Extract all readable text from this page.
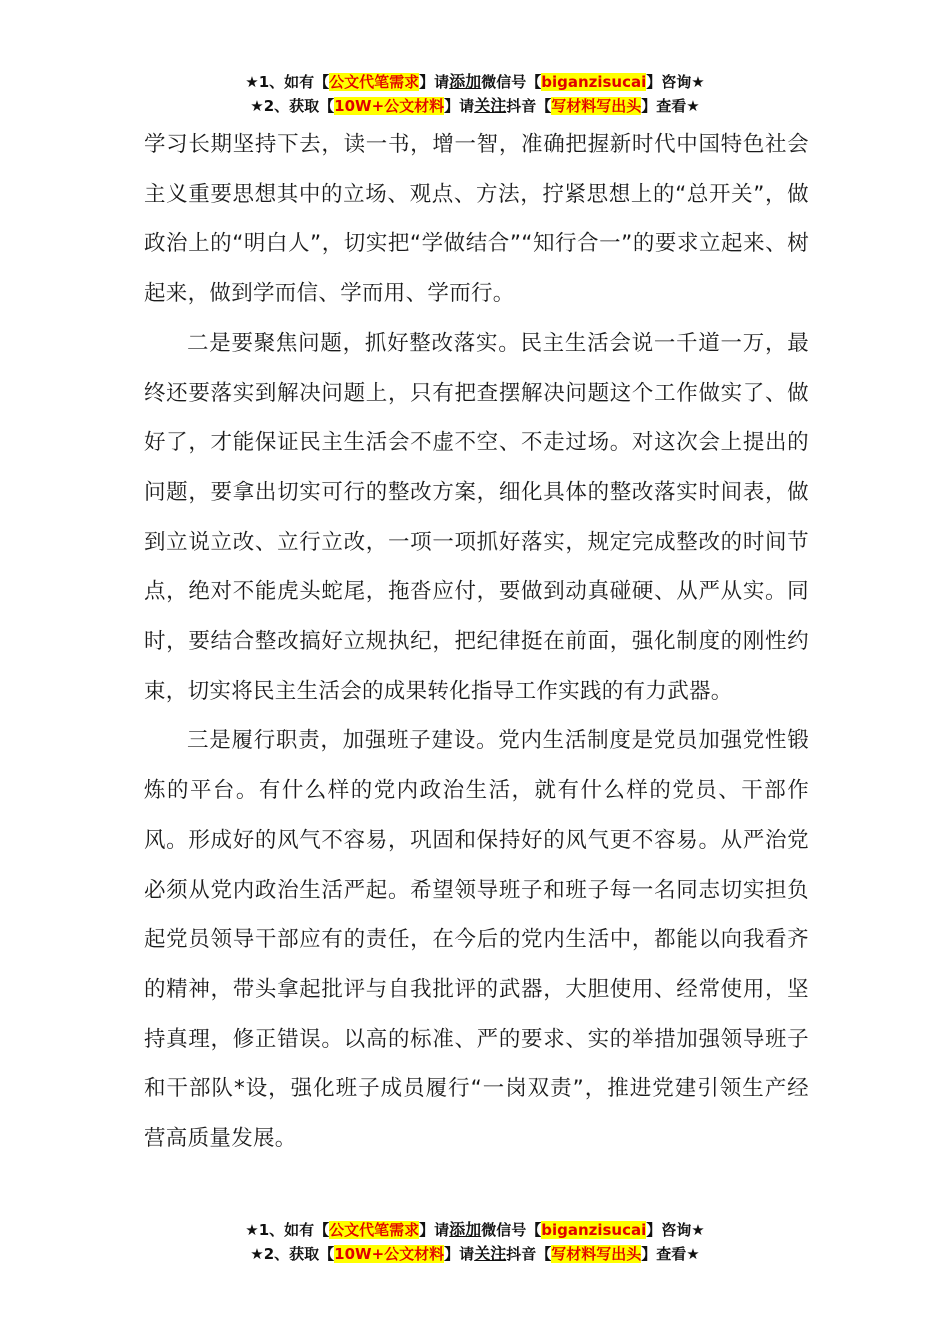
★1、如有【公文代笔需求】请添加微信号【biganzisucai】咨询★
★2、获取【10W+公文材料】请关注抖音【写材料写出头】查看★

学习长期坚持下去，读一书，增一智，准确把握新时代中国特色社会主义重要思想其中的立场、观点、方法，拧紧思想上的“总开关”，做政治上的“明白人”，切实把“学做结合”“知行合一”的要求立起来、树起来，做到学而信、学而用、学而行。

二是要聚焦问题，抓好整改落实。民主生活会说一千道一万，最终还要落实到解决问题上，只有把查摆解决问题这个工作做实了、做好了，才能保证民主生活会不虚不空、不走过场。对这次会上提出的问题，要拿出切实可行的整改方案，细化具体的整改落实时间表，做到立说立改、立行立改，一项一项抓好落实，规定完成整改的时间节点，绝对不能虎头蛇尾，拖沓应付，要做到动真碰硬、从严从实。同时，要结合整改搞好立规执纪，把纪律挺在前面，强化制度的刚性约束，切实将民主生活会的成果转化指导工作实践的有力武器。

三是履行职责，加强班子建设。党内生活制度是党员加强党性锻炼的平台。有什么样的党内政治生活，就有什么样的党员、干部作风。形成好的风气不容易，巩固和保持好的风气更不容易。从严治党必须从党内政治生活严起。希望领导班子和班子每一名同志切实担负起党员领导干部应有的责任，在今后的党内生活中，都能以向我看齐的精神，带头拿起批评与自我批评的武器，大胆使用、经常使用，坚持真理，修正错误。以高的标准、严的要求、实的举措加强领导班子和干部队*设，强化班子成员履行“一岗双责”，推进党建引领生产经营高质量发展。

★1、如有【公文代笔需求】请添加微信号【biganzisucai】咨询★
★2、获取【10W+公文材料】请关注抖音【写材料写出头】查看★
